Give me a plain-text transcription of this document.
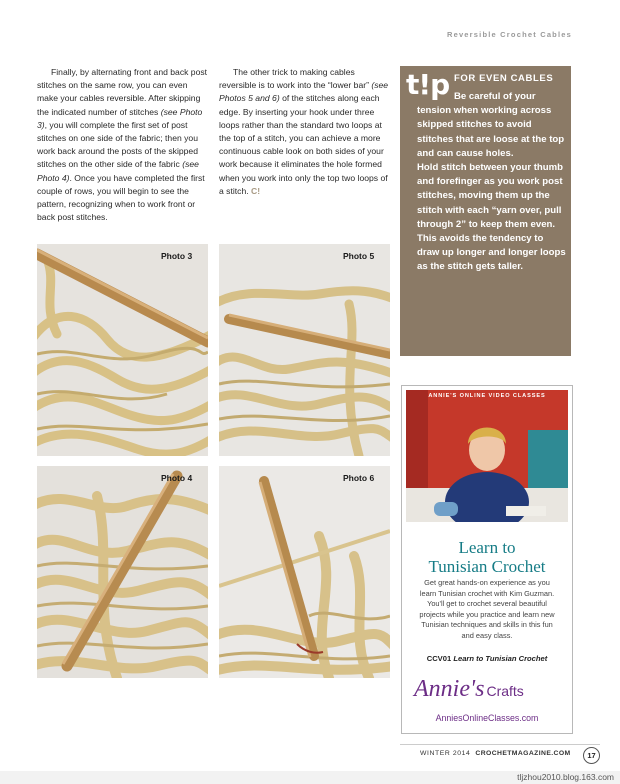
Reversible Crochet Cables

Finally, by alternating front and back post stitches on the same row, you can even make your cables reversible. After skipping the indicated number of stitches (see Photo 3), you will complete the first set of post stitches on one side of the fabric; then you work back around the posts of the skipped stitches on the other side of the fabric (see Photo 4). Once you have completed the first couple of rows, you will begin to see the pattern, recognizing when to work front or back post stitches.

The other trick to making cables reversible is to work into the “lower bar” (see Photos 5 and 6) of the stitches along each edge. By inserting your hook under three loops rather than the standard two loops at the top of a stitch, you can achieve a more continuous cable look on both sides of your work because it eliminates the hole formed when you work into only the top two loops of a stitch. C!

t!p FOR EVEN CABLES

Be careful of your tension when working across skipped stitches to avoid stitches that are loose at the top and can cause holes.

Hold stitch between your thumb and forefinger as you work post stitches, moving them up the stitch with each “yarn over, pull through 2” to keep them even. This avoids the tendency to draw up longer and longer loops as the stitch gets taller.

Photo 3	Photo 5
Photo 4	Photo 6
ANNIE'S ONLINE VIDEO CLASSES
Learn to
Tunisian Crochet
Get great hands-on experience as you learn Tunisian crochet with Kim Guzman. You'll get to crochet several beautiful projects while you practice and learn new Tunisian techniques and skills in this fun and easy class.
CCV01 Learn to Tunisian Crochet
Annie's Crafts
AnniesOnlineClasses.com
WINTER 2014 CROCHETMAGAZINE.COM	17
tljzhou2010.blog.163.com
